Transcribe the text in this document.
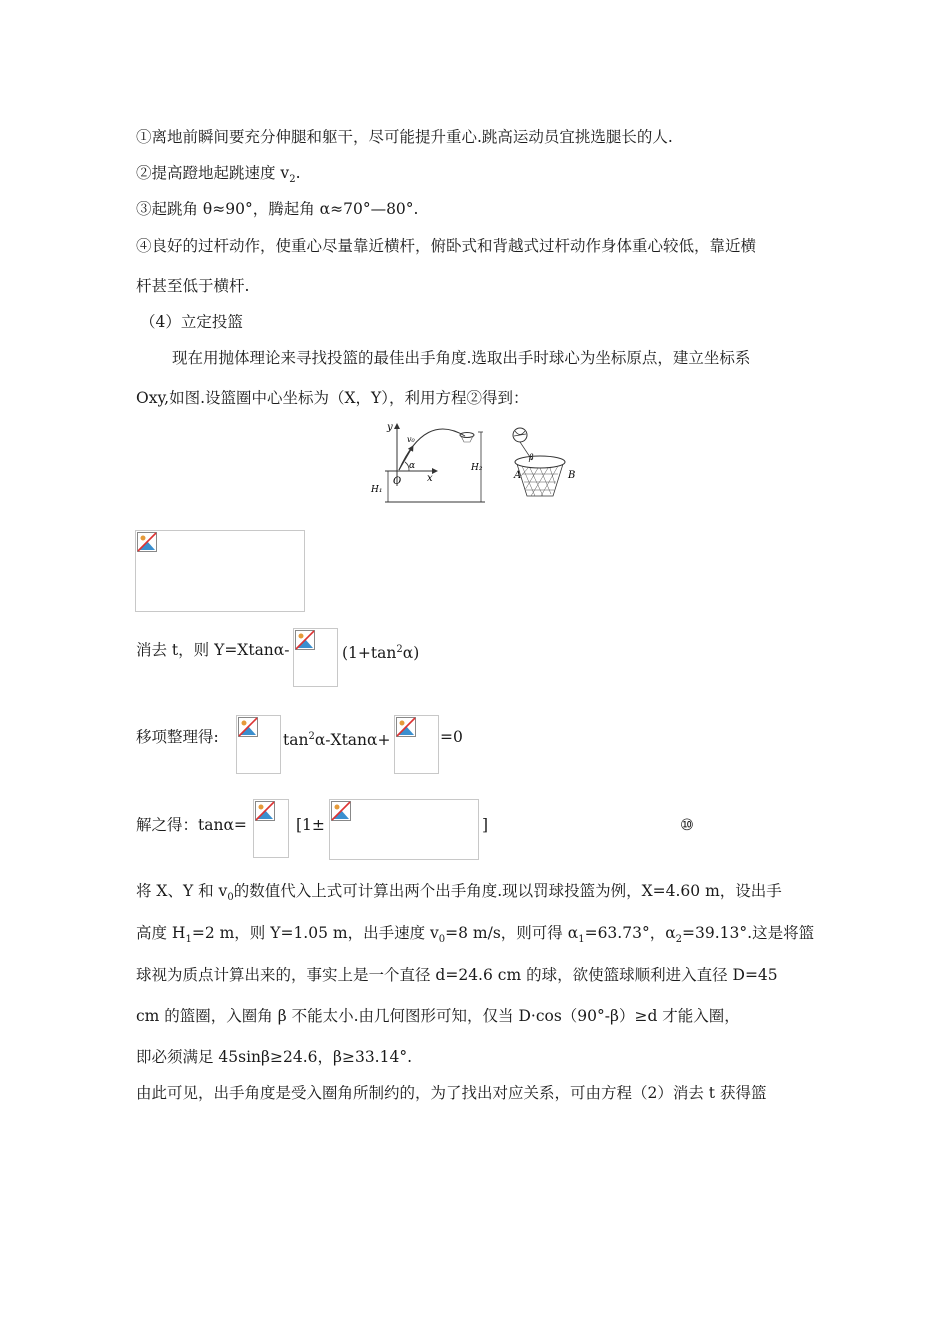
①离地前瞬间要充分伸腿和躯干，尽可能提升重心.跳高运动员宜挑选腿长的人.
②提高蹬地起跳速度 $v_2$.
③起跳角 θ≈90°，腾起角 α≈70°—80°.
④良好的过杆动作，使重心尽量靠近横杆，俯卧式和背越式过杆动作身体重心较低，靠近横
杆甚至低于横杆.
（4）立定投篮
现在用抛体理论来寻找投篮的最佳出手角度.选取出手时球心为坐标原点，建立坐标系
Oxy,如图.设篮圈中心坐标为（X，Y），利用方程②得到：
y
x
O
v₀
α
H₁
H₂
A	B
β
消去 t，则 Y=Xtanα-	$(1+\tan^2\alpha)$
移项整理得:	$\tan^2\alpha-Xtan\alpha+$	=0
解之得：tanα=	[1±	]	⑩
将 X、Y 和 $v_0$的数值代入上式可计算出两个出手角度.现以罚球投篮为例，X=4.60 m，设出手
高度 $H_1=2$ m，则 Y=1.05 m，出手速度 $v_0=8$ m/s，则可得 $\alpha_1=63.73^\circ$，$\alpha_2=39.13^\circ$.这是将篮
球视为质点计算出来的，事实上是一个直径 d=24.6 cm 的球，欲使篮球顺利进入直径 D=45
cm 的篮圈，入圈角 β 不能太小.由几何图形可知，仅当 D·cos（90°-β）≥d 才能入圈，
即必须满足 45sinβ≥24.6，β≥33.14°.
由此可见，出手角度是受入圈角所制约的，为了找出对应关系，可由方程（2）消去 t 获得篮
